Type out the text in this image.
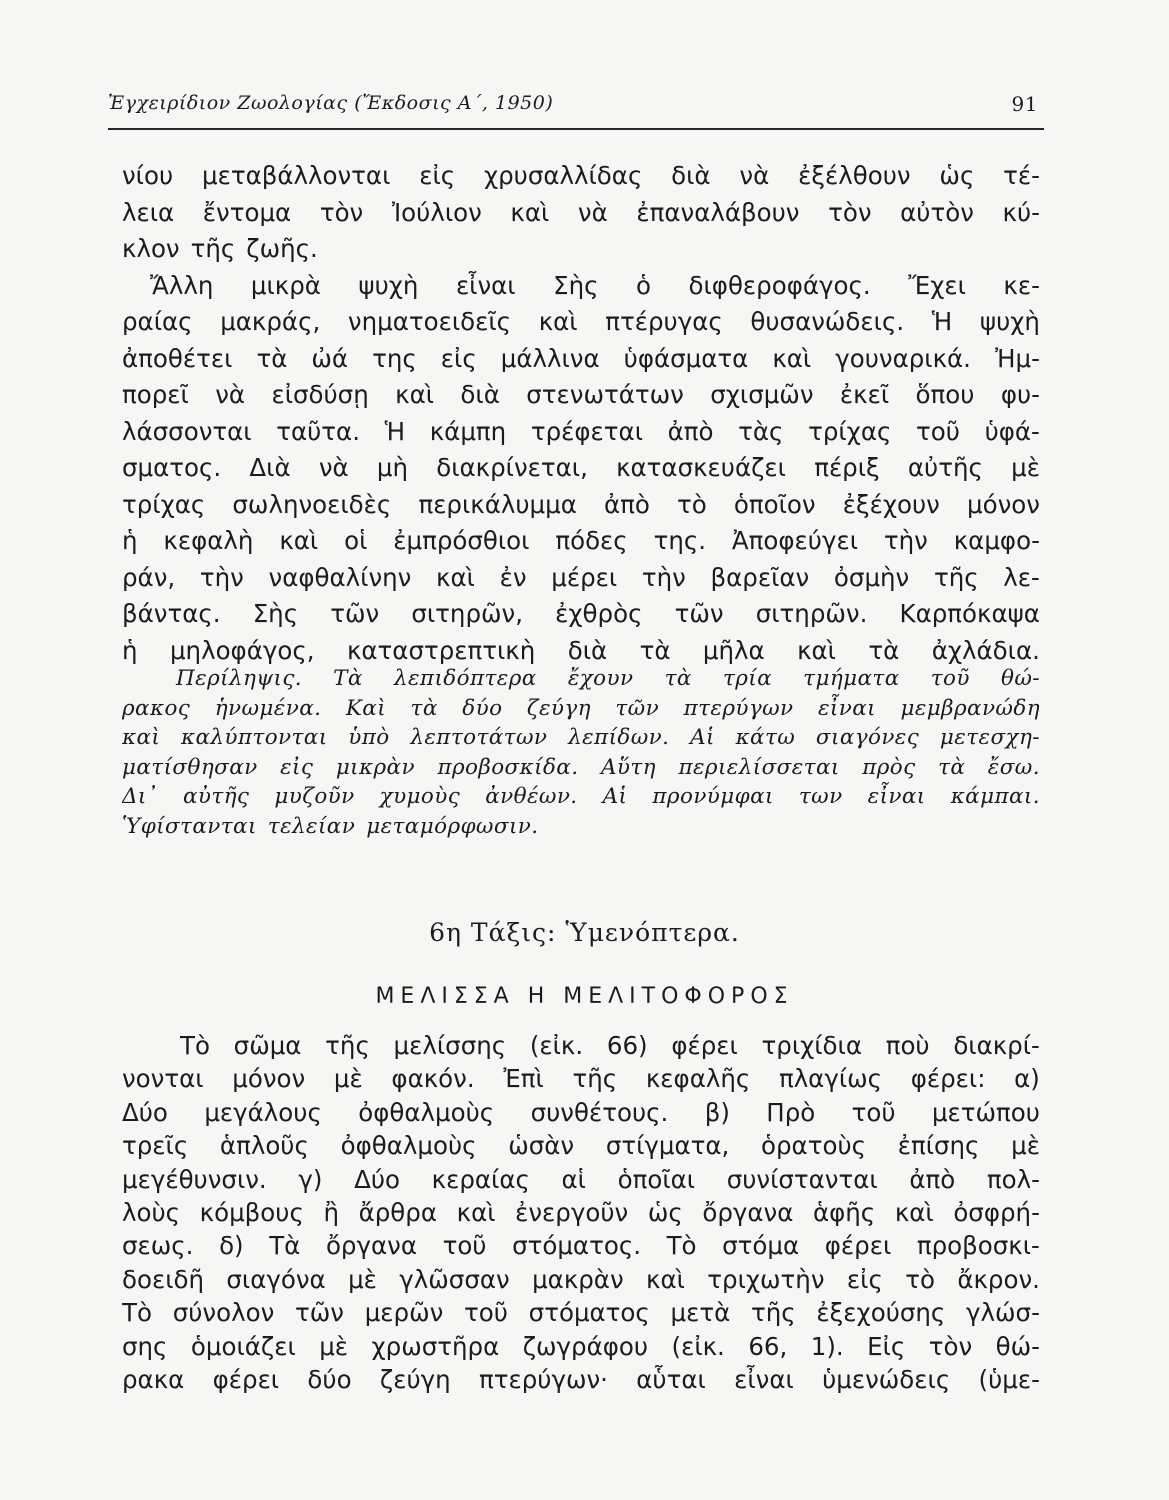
Ἐγχειρίδιον Ζωολογίας (Ἔκδοσις Α΄, 1950)	91
νίου μεταβάλλονται εἰς χρυσαλλίδας διὰ νὰ ἐξέλθουν ὡς τέ-
λεια ἔντομα τὸν Ἰούλιον καὶ νὰ ἐπαναλάβουν τὸν αὐτὸν κύ-
κλον τῆς ζωῆς.
Ἄλλη μικρὰ ψυχὴ εἶναι Σὴς ὁ διφθεροφάγος. Ἔχει κε-
ραίας μακράς, νηματοειδεῖς καὶ πτέρυγας θυσανώδεις. Ἡ ψυχὴ
ἀποθέτει τὰ ὠά της εἰς μάλλινα ὑφάσματα καὶ γουναρικά. Ἠμ-
πορεῖ νὰ εἰσδύσῃ καὶ διὰ στενωτάτων σχισμῶν ἐκεῖ ὅπου φυ-
λάσσονται ταῦτα. Ἡ κάμπη τρέφεται ἀπὸ τὰς τρίχας τοῦ ὑφά-
σματος. Διὰ νὰ μὴ διακρίνεται, κατασκευάζει πέριξ αὐτῆς μὲ
τρίχας σωληνοειδὲς περικάλυμμα ἀπὸ τὸ ὁποῖον ἐξέχουν μόνον
ἡ κεφαλὴ καὶ οἱ ἐμπρόσθιοι πόδες της. Ἀποφεύγει τὴν καμφο-
ράν, τὴν ναφθαλίνην καὶ ἐν μέρει τὴν βαρεῖαν ὀσμὴν τῆς λε-
βάντας. Σὴς τῶν σιτηρῶν, ἐχθρὸς τῶν σιτηρῶν. Καρπόκαψα
ἡ μηλοφάγος, καταστρεπτικὴ διὰ τὰ μῆλα καὶ τὰ ἀχλάδια.
Περίληψις. Τὰ λεπιδόπτερα ἔχουν τὰ τρία τμήματα τοῦ θώ-
ρακος ἡνωμένα. Καὶ τὰ δύο ζεύγη τῶν πτερύγων εἶναι μεμβρανώδη
καὶ καλύπτονται ὑπὸ λεπτοτάτων λεπίδων. Αἱ κάτω σιαγόνες μετεσχη-
ματίσθησαν εἰς μικρὰν προβοσκίδα. Αὕτη περιελίσσεται πρὸς τὰ ἔσω.
Δι᾽ αὐτῆς μυζοῦν χυμοὺς ἀνθέων. Αἱ προνύμφαι των εἶναι κάμπαι.
Ὑφίστανται τελείαν μεταμόρφωσιν.
6η Τάξις: Ὑμενόπτερα.
ΜΕΛΙΣΣΑ Η ΜΕΛΙΤΟΦΟΡΟΣ
Τὸ σῶμα τῆς μελίσσης (εἰκ. 66) φέρει τριχίδια ποὺ διακρί-
νονται μόνον μὲ φακόν. Ἐπὶ τῆς κεφαλῆς πλαγίως φέρει: α)
Δύο μεγάλους ὀφθαλμοὺς συνθέτους. β) Πρὸ τοῦ μετώπου
τρεῖς ἁπλοῦς ὀφθαλμοὺς ὡσὰν στίγματα, ὁρατοὺς ἐπίσης μὲ
μεγέθυνσιν. γ) Δύο κεραίας αἱ ὁποῖαι συνίστανται ἀπὸ πολ-
λοὺς κόμβους ἢ ἄρθρα καὶ ἐνεργοῦν ὡς ὄργανα ἁφῆς καὶ ὀσφρή-
σεως. δ) Τὰ ὄργανα τοῦ στόματος. Τὸ στόμα φέρει προβοσκι-
δοειδῆ σιαγόνα μὲ γλῶσσαν μακρὰν καὶ τριχωτὴν εἰς τὸ ἄκρον.
Τὸ σύνολον τῶν μερῶν τοῦ στόματος μετὰ τῆς ἐξεχούσης γλώσ-
σης ὁμοιάζει μὲ χρωστῆρα ζωγράφου (εἰκ. 66, 1). Εἰς τὸν θώ-
ρακα φέρει δύο ζεύγη πτερύγων· αὗται εἶναι ὑμενώδεις (ὑμε-
